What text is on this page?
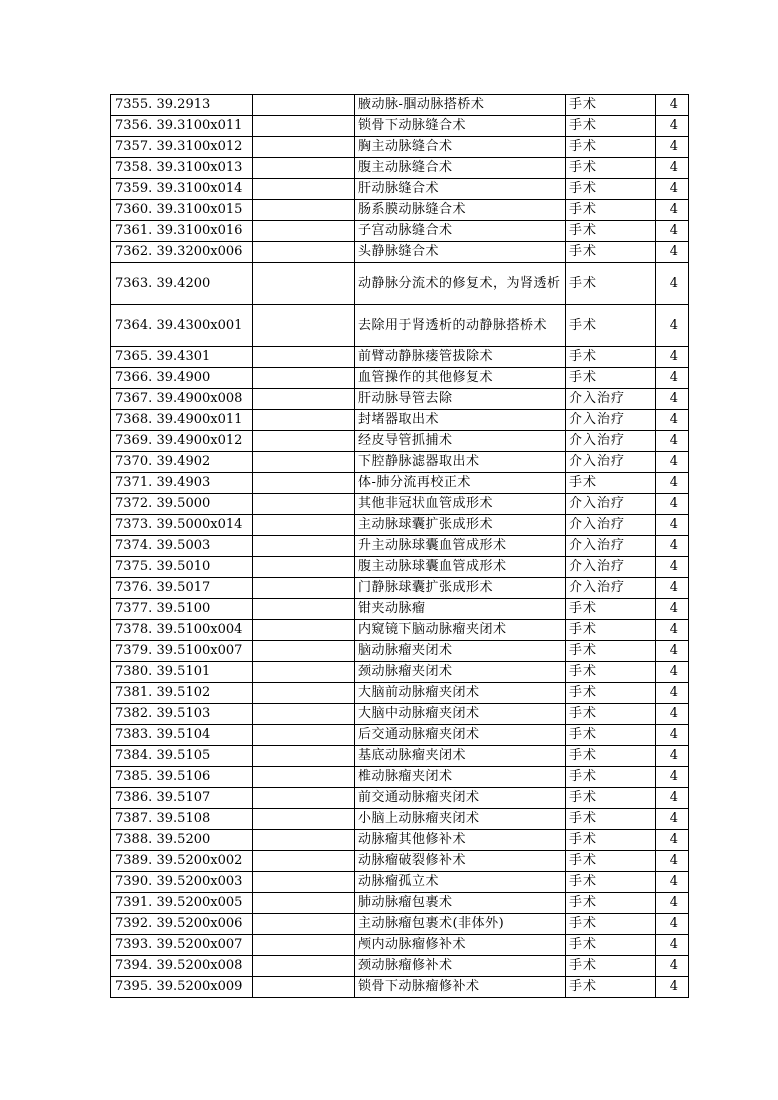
7355.	39.2913		腋动脉-腘动脉搭桥术	手术	4
7356.	39.3100x011		锁骨下动脉缝合术	手术	4
7357.	39.3100x012		胸主动脉缝合术	手术	4
7358.	39.3100x013		腹主动脉缝合术	手术	4
7359.	39.3100x014		肝动脉缝合术	手术	4
7360.	39.3100x015		肠系膜动脉缝合术	手术	4
7361.	39.3100x016		子宫动脉缝合术	手术	4
7362.	39.3200x006		头静脉缝合术	手术	4
7363.	39.4200		动静脉分流术的修复术，为肾透析	手术	4
7364.	39.4300x001		去除用于肾透析的动静脉搭桥术	手术	4
7365.	39.4301		前臂动静脉瘘管拔除术	手术	4
7366.	39.4900		血管操作的其他修复术	手术	4
7367.	39.4900x008		肝动脉导管去除	介入治疗	4
7368.	39.4900x011		封堵器取出术	介入治疗	4
7369.	39.4900x012		经皮导管抓捕术	介入治疗	4
7370.	39.4902		下腔静脉滤器取出术	介入治疗	4
7371.	39.4903		体-肺分流再校正术	手术	4
7372.	39.5000		其他非冠状血管成形术	介入治疗	4
7373.	39.5000x014		主动脉球囊扩张成形术	介入治疗	4
7374.	39.5003		升主动脉球囊血管成形术	介入治疗	4
7375.	39.5010		腹主动脉球囊血管成形术	介入治疗	4
7376.	39.5017		门静脉球囊扩张成形术	介入治疗	4
7377.	39.5100		钳夹动脉瘤	手术	4
7378.	39.5100x004		内窥镜下脑动脉瘤夹闭术	手术	4
7379.	39.5100x007		脑动脉瘤夹闭术	手术	4
7380.	39.5101		颈动脉瘤夹闭术	手术	4
7381.	39.5102		大脑前动脉瘤夹闭术	手术	4
7382.	39.5103		大脑中动脉瘤夹闭术	手术	4
7383.	39.5104		后交通动脉瘤夹闭术	手术	4
7384.	39.5105		基底动脉瘤夹闭术	手术	4
7385.	39.5106		椎动脉瘤夹闭术	手术	4
7386.	39.5107		前交通动脉瘤夹闭术	手术	4
7387.	39.5108		小脑上动脉瘤夹闭术	手术	4
7388.	39.5200		动脉瘤其他修补术	手术	4
7389.	39.5200x002		动脉瘤破裂修补术	手术	4
7390.	39.5200x003		动脉瘤孤立术	手术	4
7391.	39.5200x005		肺动脉瘤包裹术	手术	4
7392.	39.5200x006		主动脉瘤包裹术(非体外)	手术	4
7393.	39.5200x007		颅内动脉瘤修补术	手术	4
7394.	39.5200x008		颈动脉瘤修补术	手术	4
7395.	39.5200x009		锁骨下动脉瘤修补术	手术	4
